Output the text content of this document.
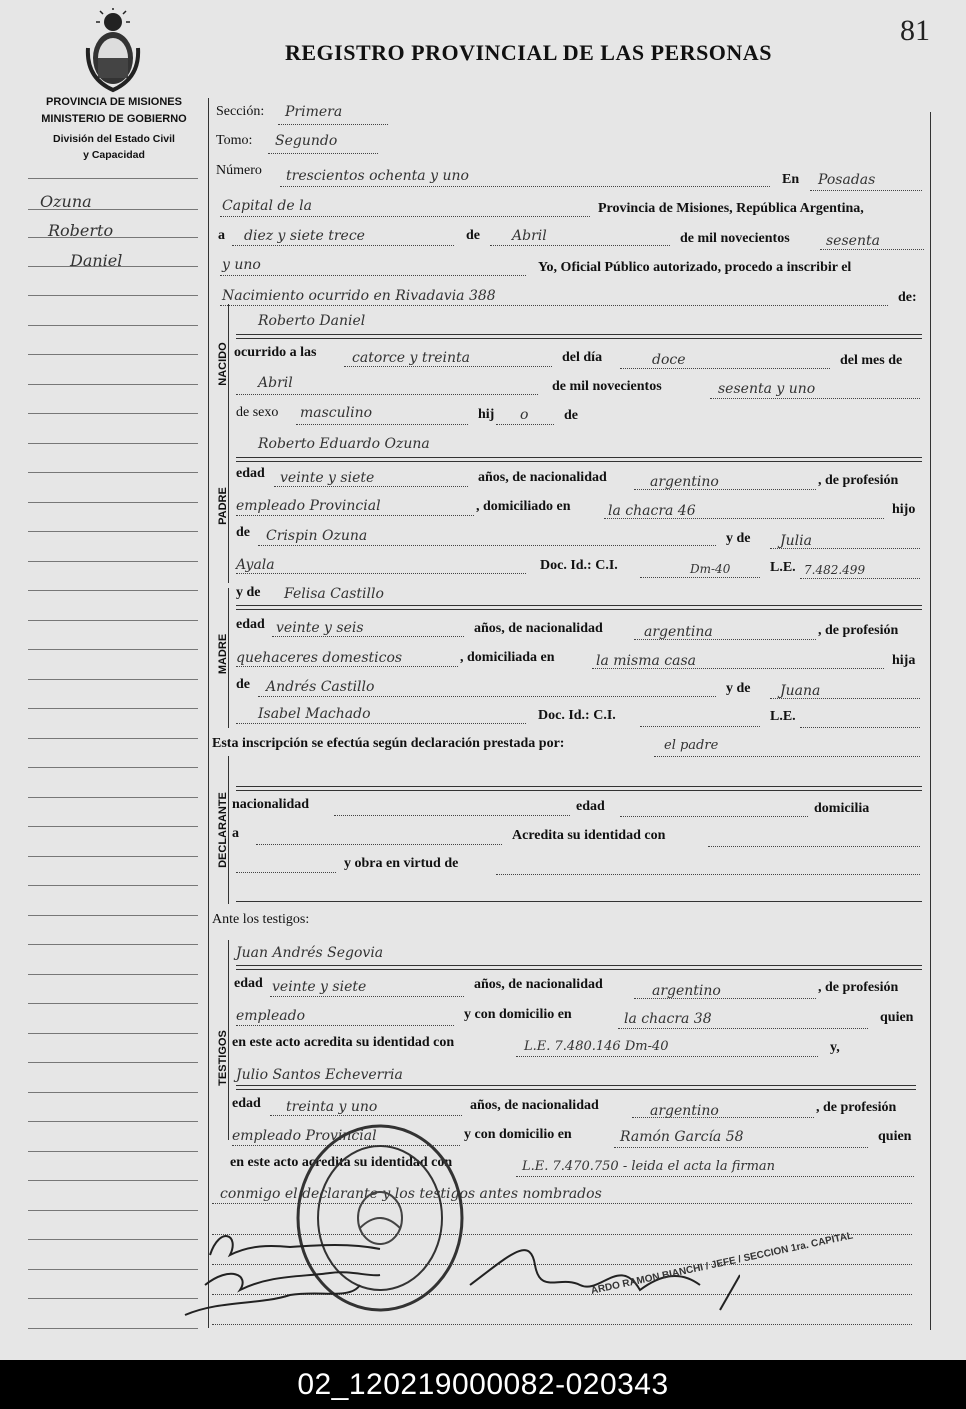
REGISTRO PROVINCIAL DE LAS PERSONAS
81
PROVINCIA DE MISIONES
MINISTERIO DE GOBIERNO
División del Estado Civil
y Capacidad
Ozuna
Roberto
Daniel
NACIDO
PADRE
MADRE
DECLARANTE
TESTIGOS
Sección: Primera
Tomo: Segundo
Número trescientos ochenta y uno	En Posadas
Capital de la	Provincia de Misiones, República Argentina,
a diez y siete trece	de Abril	de mil novecientos	sesenta
y uno	Yo, Oficial Público autorizado, procedo a inscribir el
Nacimiento ocurrido en Rivadavia 388	de:
Roberto Daniel
ocurrido a las	catorce y treinta	del día	doce	del mes de
Abril	de mil novecientos	sesenta y uno
de sexo masculino	hij o	de
Roberto Eduardo Ozuna
edad veinte y siete	años, de nacionalidad	argentino	, de profesión
empleado Provincial	, domiciliado en	la chacra 46	hijo
de Crispin Ozuna	y de Julia
Ayala	Doc. Id.: C.I.	Dm-40	L.E. 7.482.499
y de Felisa Castillo
edad veinte y seis	años, de nacionalidad	argentina	, de profesión
quehaceres domesticos	, domiciliada en	la misma casa	hija
de Andrés Castillo	y de Juana
Isabel Machado	Doc. Id.: C.I.	L.E.
Esta inscripción se efectúa según declaración prestada por:	el padre
nacionalidad	edad	domicilia
a	Acredita su identidad con
y obra en virtud de
Ante los testigos:
Juan Andrés Segovia
edad veinte y siete	años, de nacionalidad	argentino	, de profesión
empleado	y con domicilio en	la chacra 38	quien
en este acto acredita su identidad con	L.E. 7.480.146 Dm-40	y,
Julio Santos Echeverria
edad treinta y uno	años, de nacionalidad	argentino	, de profesión
empleado Provincial	y con domicilio en	Ramón García 58	quien
en este acto acredita su identidad con	L.E. 7.470.750 - leida el acta la firman
conmigo el declarante y los testigos antes nombrados
ARDO RAMON BIANCHI / JEFE / SECCION 1ra. CAPITAL
02_120219000082-020343
